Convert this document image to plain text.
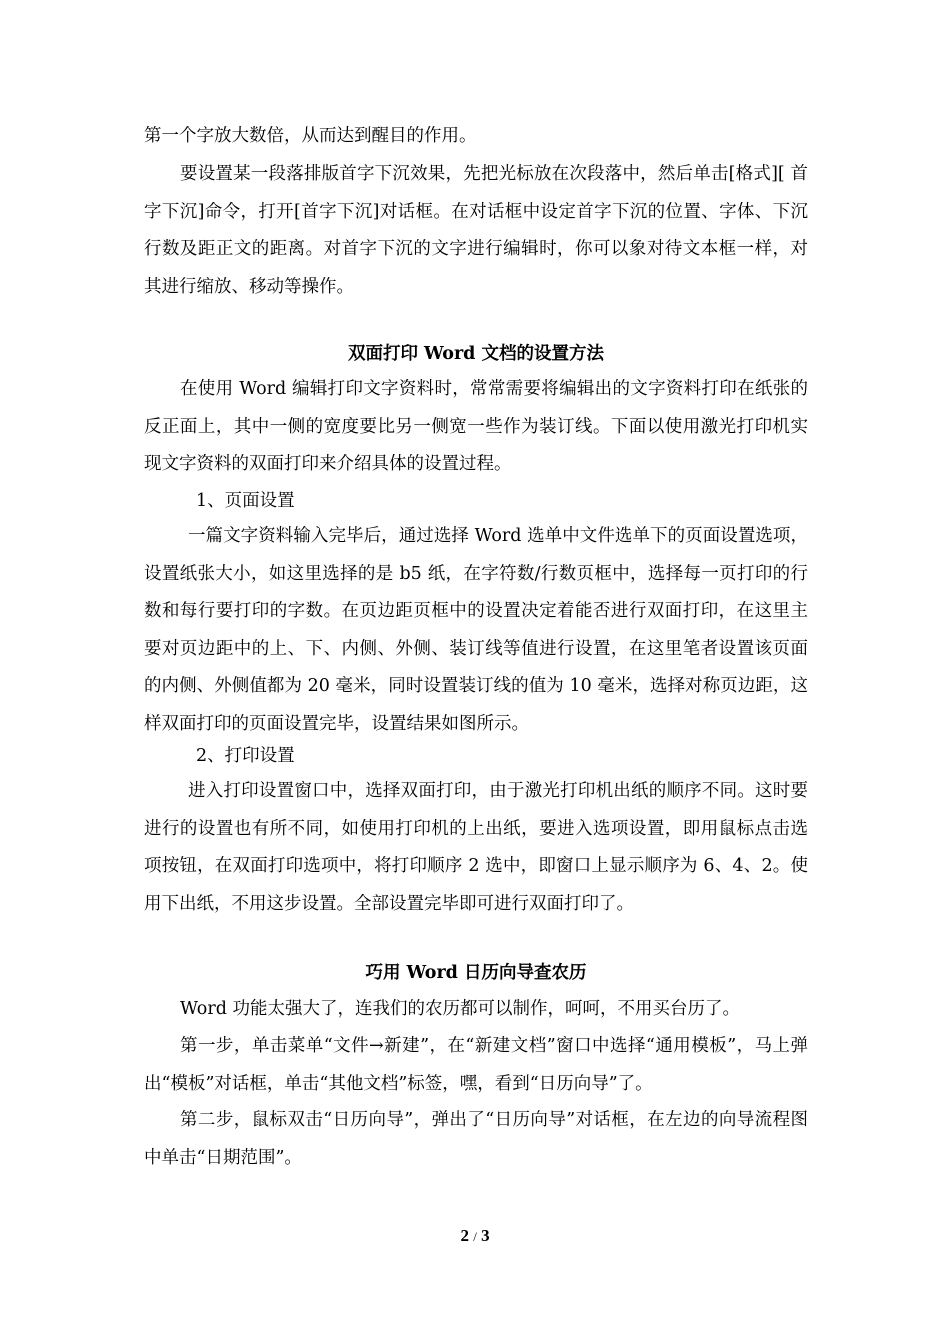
第一个字放大数倍，从而达到醒目的作用。

要设置某一段落排版首字下沉效果，先把光标放在次段落中，然后单击[格式][ 首字下沉]命令，打开[首字下沉]对话框。在对话框中设定首字下沉的位置、字体、下沉行数及距正文的距离。对首字下沉的文字进行编辑时，你可以象对待文本框一样，对其进行缩放、移动等操作。

双面打印 Word 文档的设置方法

在使用 Word 编辑打印文字资料时，常常需要将编辑出的文字资料打印在纸张的反正面上，其中一侧的宽度要比另一侧宽一些作为装订线。下面以使用激光打印机实现文字资料的双面打印来介绍具体的设置过程。

1、页面设置

一篇文字资料输入完毕后，通过选择 Word 选单中文件选单下的页面设置选项，设置纸张大小，如这里选择的是 b5 纸，在字符数/行数页框中，选择每一页打印的行数和每行要打印的字数。在页边距页框中的设置决定着能否进行双面打印，在这里主要对页边距中的上、下、内侧、外侧、装订线等值进行设置，在这里笔者设置该页面的内侧、外侧值都为 20 毫米，同时设置装订线的值为 10 毫米，选择对称页边距，这样双面打印的页面设置完毕，设置结果如图所示。

2、打印设置

进入打印设置窗口中，选择双面打印，由于激光打印机出纸的顺序不同。这时要进行的设置也有所不同，如使用打印机的上出纸，要进入选项设置，即用鼠标点击选项按钮，在双面打印选项中，将打印顺序 2 选中，即窗口上显示顺序为 6、4、2。使用下出纸，不用这步设置。全部设置完毕即可进行双面打印了。

巧用 Word 日历向导查农历

Word 功能太强大了，连我们的农历都可以制作，呵呵，不用买台历了。

第一步，单击菜单“文件→新建”，在“新建文档”窗口中选择“通用模板”，马上弹出“模板”对话框，单击“其他文档”标签，嘿，看到“日历向导”了。

第二步，鼠标双击“日历向导”，弹出了“日历向导”对话框，在左边的向导流程图中单击“日期范围”。

2 / 3
